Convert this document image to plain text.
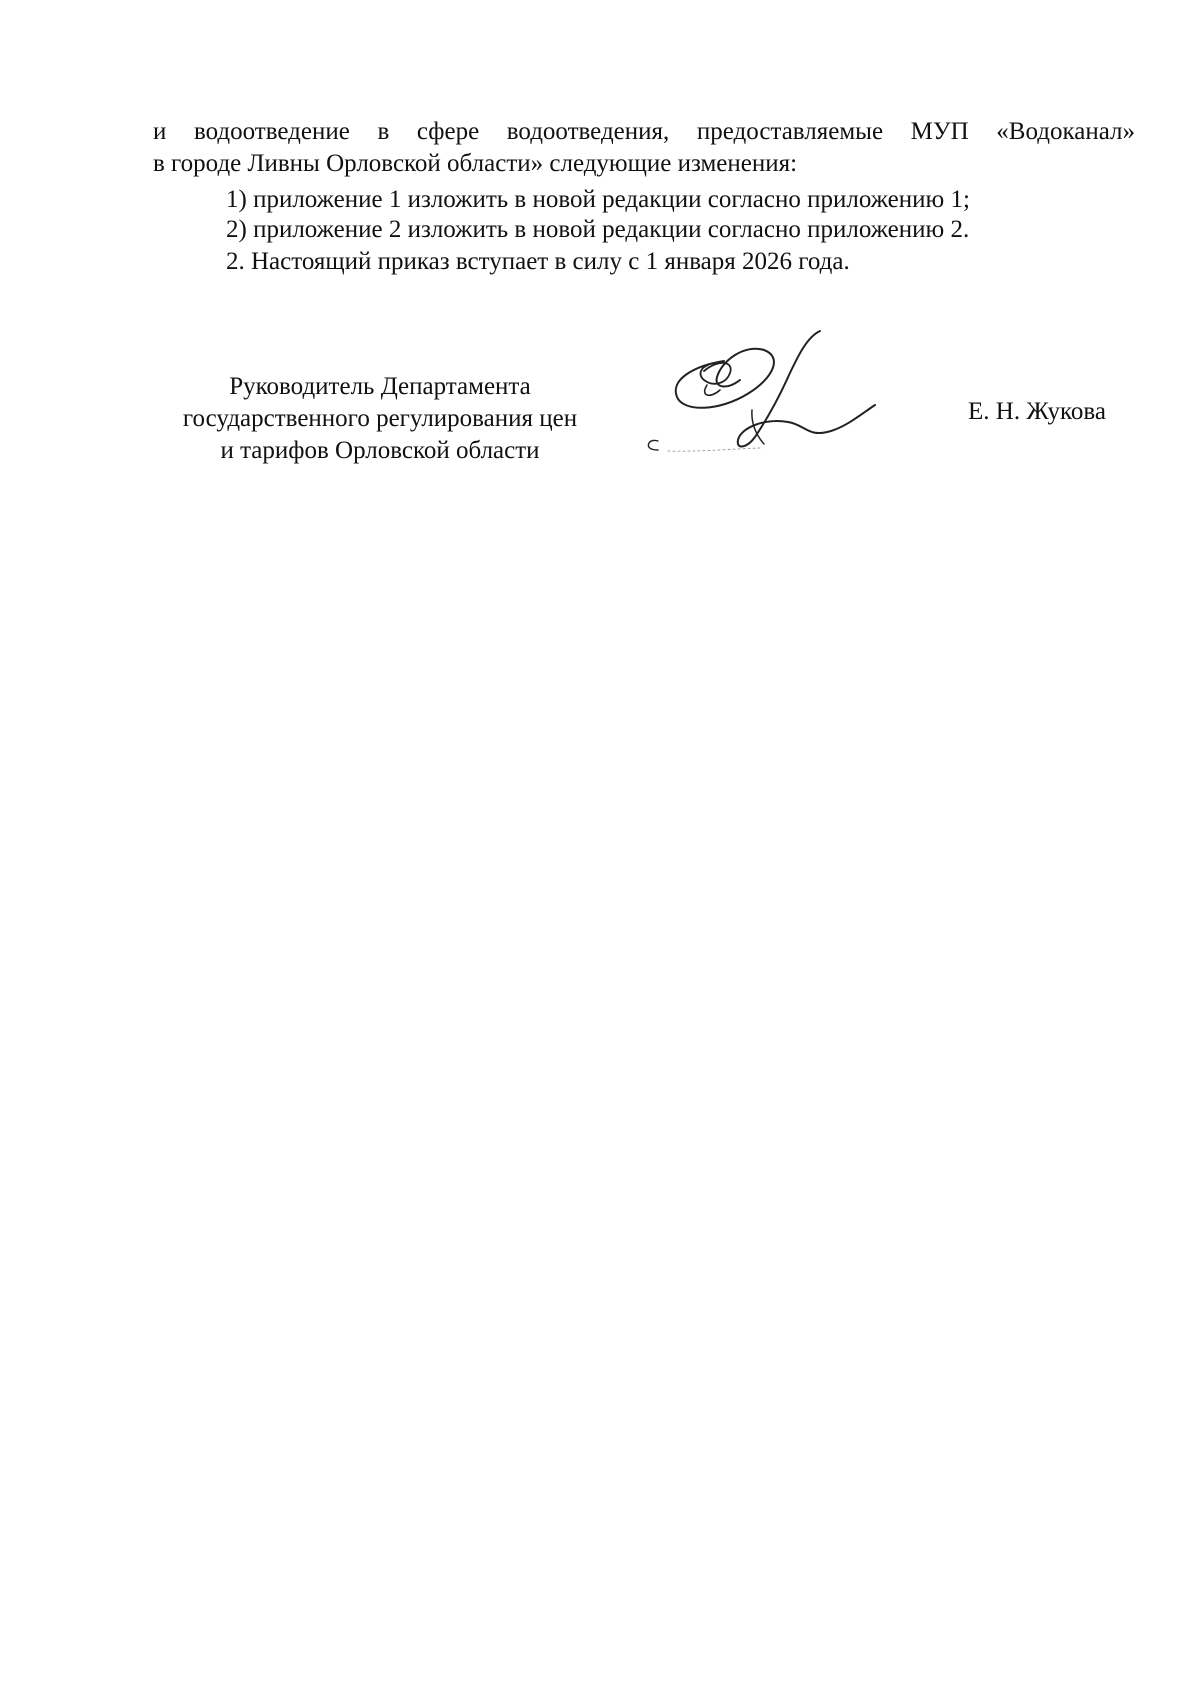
и водоотведение в сфере водоотведения, предоставляемые МУП «Водоканал»
в городе Ливны Орловской области» следующие изменения:
1) приложение 1 изложить в новой редакции согласно приложению 1;
2) приложение 2 изложить в новой редакции согласно приложению 2.
2. Настоящий приказ вступает в силу с 1 января 2026 года.
Руководитель Департамента
государственного регулирования цен
и тарифов Орловской области
Е. Н. Жукова
